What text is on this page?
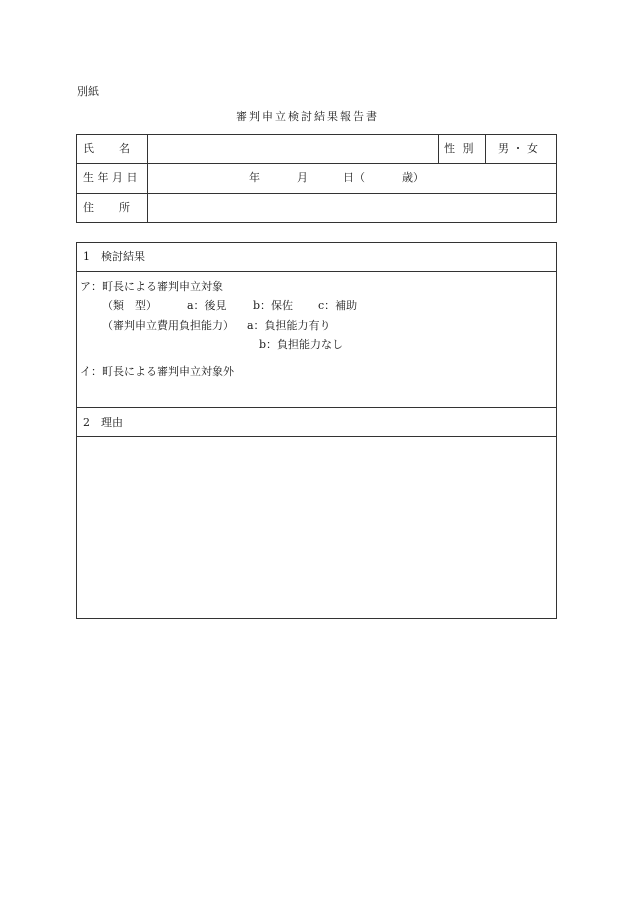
別紙
審判申立検討結果報告書
氏　　名	性 別 男 ・ 女
生 年 月 日	年	月	日（	歳）
住　　所
1　検討結果
ア：町長による審判申立対象
（類　型）	a：後見 b：保佐 c：補助
（審判申立費用負担能力） a：負担能力有り
b：負担能力なし
イ：町長による審判申立対象外
2　理由
